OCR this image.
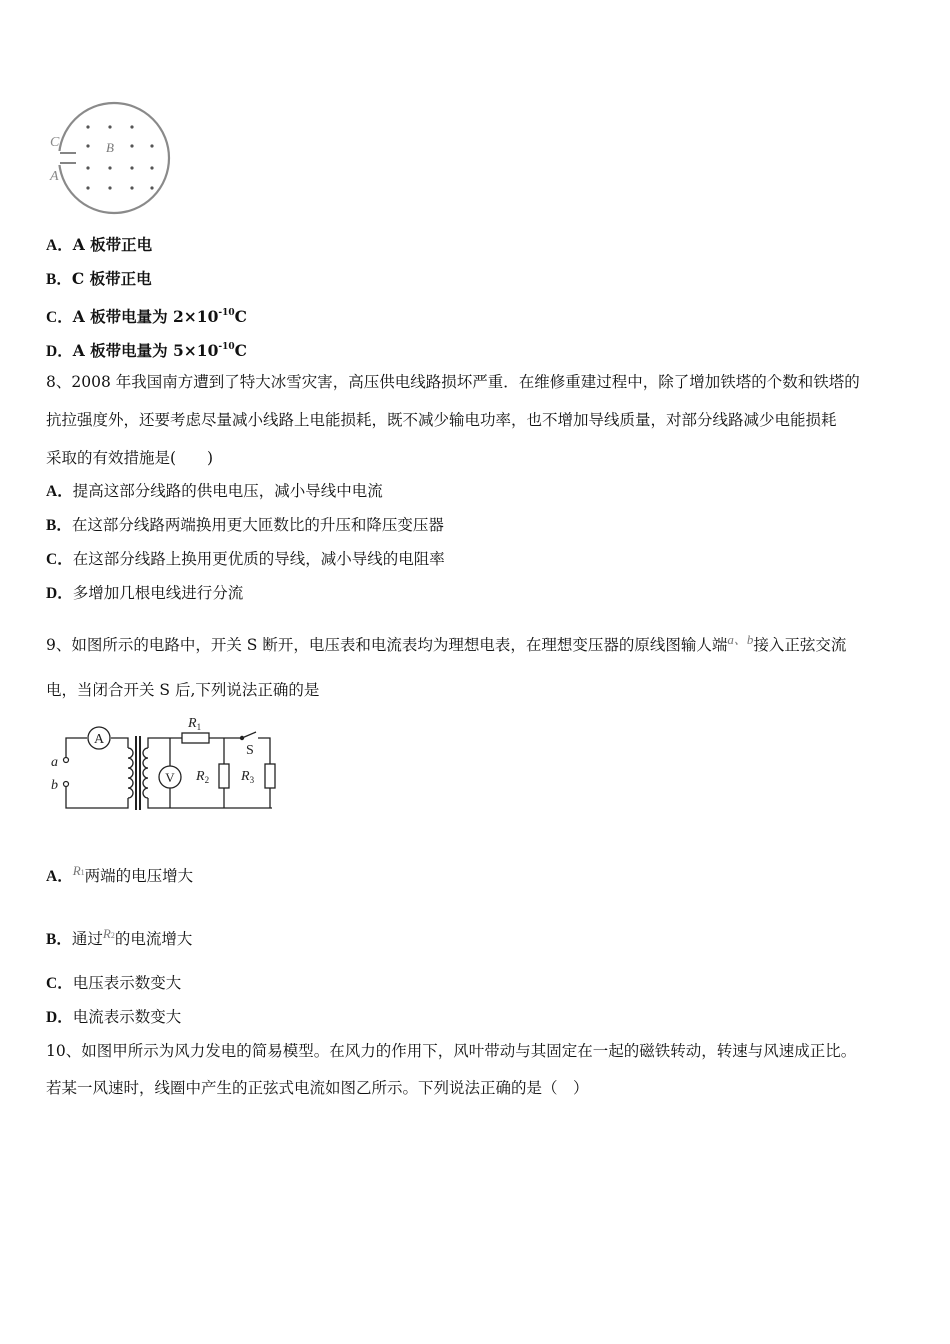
C
A
B
A．A 板带正电
B．C 板带正电
C．A 板带电量为 $2\times 10^{-10}C$
D．A 板带电量为 $5\times 10^{-10}C$
8、2008 年我国南方遭到了特大冰雪灾害，高压供电线路损坏严重．在维修重建过程中，除了增加铁塔的个数和铁塔的
抗拉强度外，还要考虑尽量减小线路上电能损耗，既不减少输电功率，也不增加导线质量，对部分线路减少电能损耗
采取的有效措施是(　　)
A．提高这部分线路的供电电压，减小导线中电流
B．在这部分线路两端换用更大匝数比的升压和降压变压器
C．在这部分线路上换用更优质的导线，减小导线的电阻率
D．多增加几根电线进行分流
9、如图所示的电路中，开关 S 断开，电压表和电流表均为理想电表，在理想变压器的原线图输人端$^{a、b}$接入正弦交流
电，当闭合开关 S 后,下列说法正确的是
A
V
a
b
$R_1$
$R_2$ $R_3$
S
A．$^{R1}$两端的电压增大
B．通过$^{R2}$的电流增大
C．电压表示数变大
D．电流表示数变大
10、如图甲所示为风力发电的简易模型。在风力的作用下，风叶带动与其固定在一起的磁铁转动，转速与风速成正比。
若某一风速时，线圈中产生的正弦式电流如图乙所示。下列说法正确的是（　）
